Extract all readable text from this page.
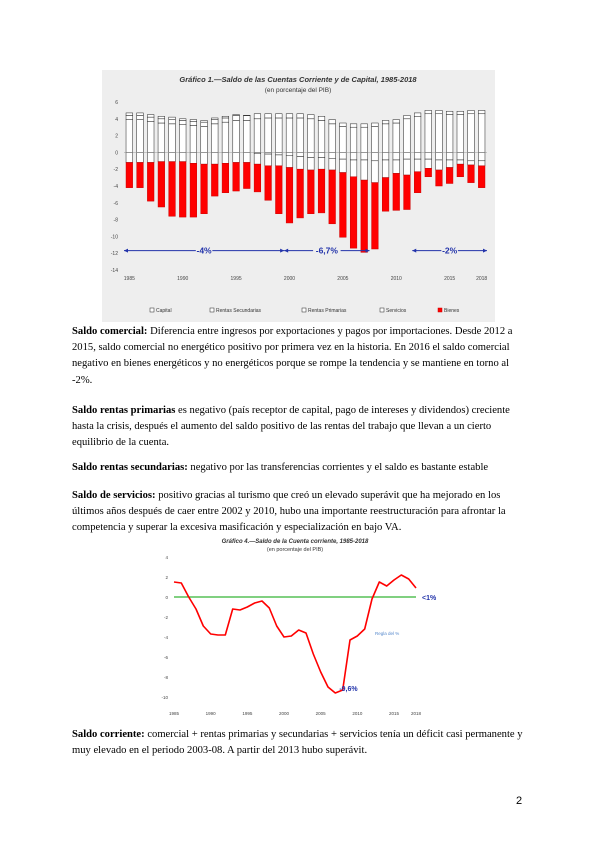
Gráfico 1.—Saldo de las Cuentas Corriente y de Capital, 1985-2018
(en porcentaje del PIB)
6
4
2
0
-2
-4
-6
-8
-10
-12
-14
1985	1990	1995	2000	2005	2010	2015	2018
-4%	-6,7%	-2%
Capital	Rentas Secundarias	Rentas Primarias	Servicios	Bienes

Saldo comercial: Diferencia entre ingresos por exportaciones y pagos por importaciones. Desde 2012 a 2015, saldo comercial no energético positivo por primera vez en la historia. En 2016 el saldo comercial negativo en bienes energéticos y no energéticos porque se rompe la tendencia y se mantiene en torno al -2%.

Saldo rentas primarias es negativo (país receptor de capital, pago de intereses y dividendos) creciente hasta la crisis, después el aumento del saldo positivo de las rentas del trabajo que llevan a un cierto equilibrio de la cuenta.

Saldo rentas secundarias: negativo por las transferencias corrientes y el saldo es bastante estable

Saldo de servicios: positivo gracias al turismo que creó un elevado superávit que ha mejorado en los últimos años después de caer entre 2002 y 2010, hubo una importante reestructuración para afrontar la competencia y superar la excesiva masificación y especialización en bajo VA.

Gráfico 4.—Saldo de la Cuenta corriente, 1985-2018
(en porcentaje del PIB)
4
2
0
-2
-4
-6
-8
-10
1985	1990	1995	2000	2005	2010	2015	2018
Regla del %
<1%
-9,6%

Saldo corriente: comercial + rentas primarias y secundarias + servicios tenía un déficit casi permanente y muy elevado en el periodo 2003-08. A partir del 2013 hubo superávit.

2
